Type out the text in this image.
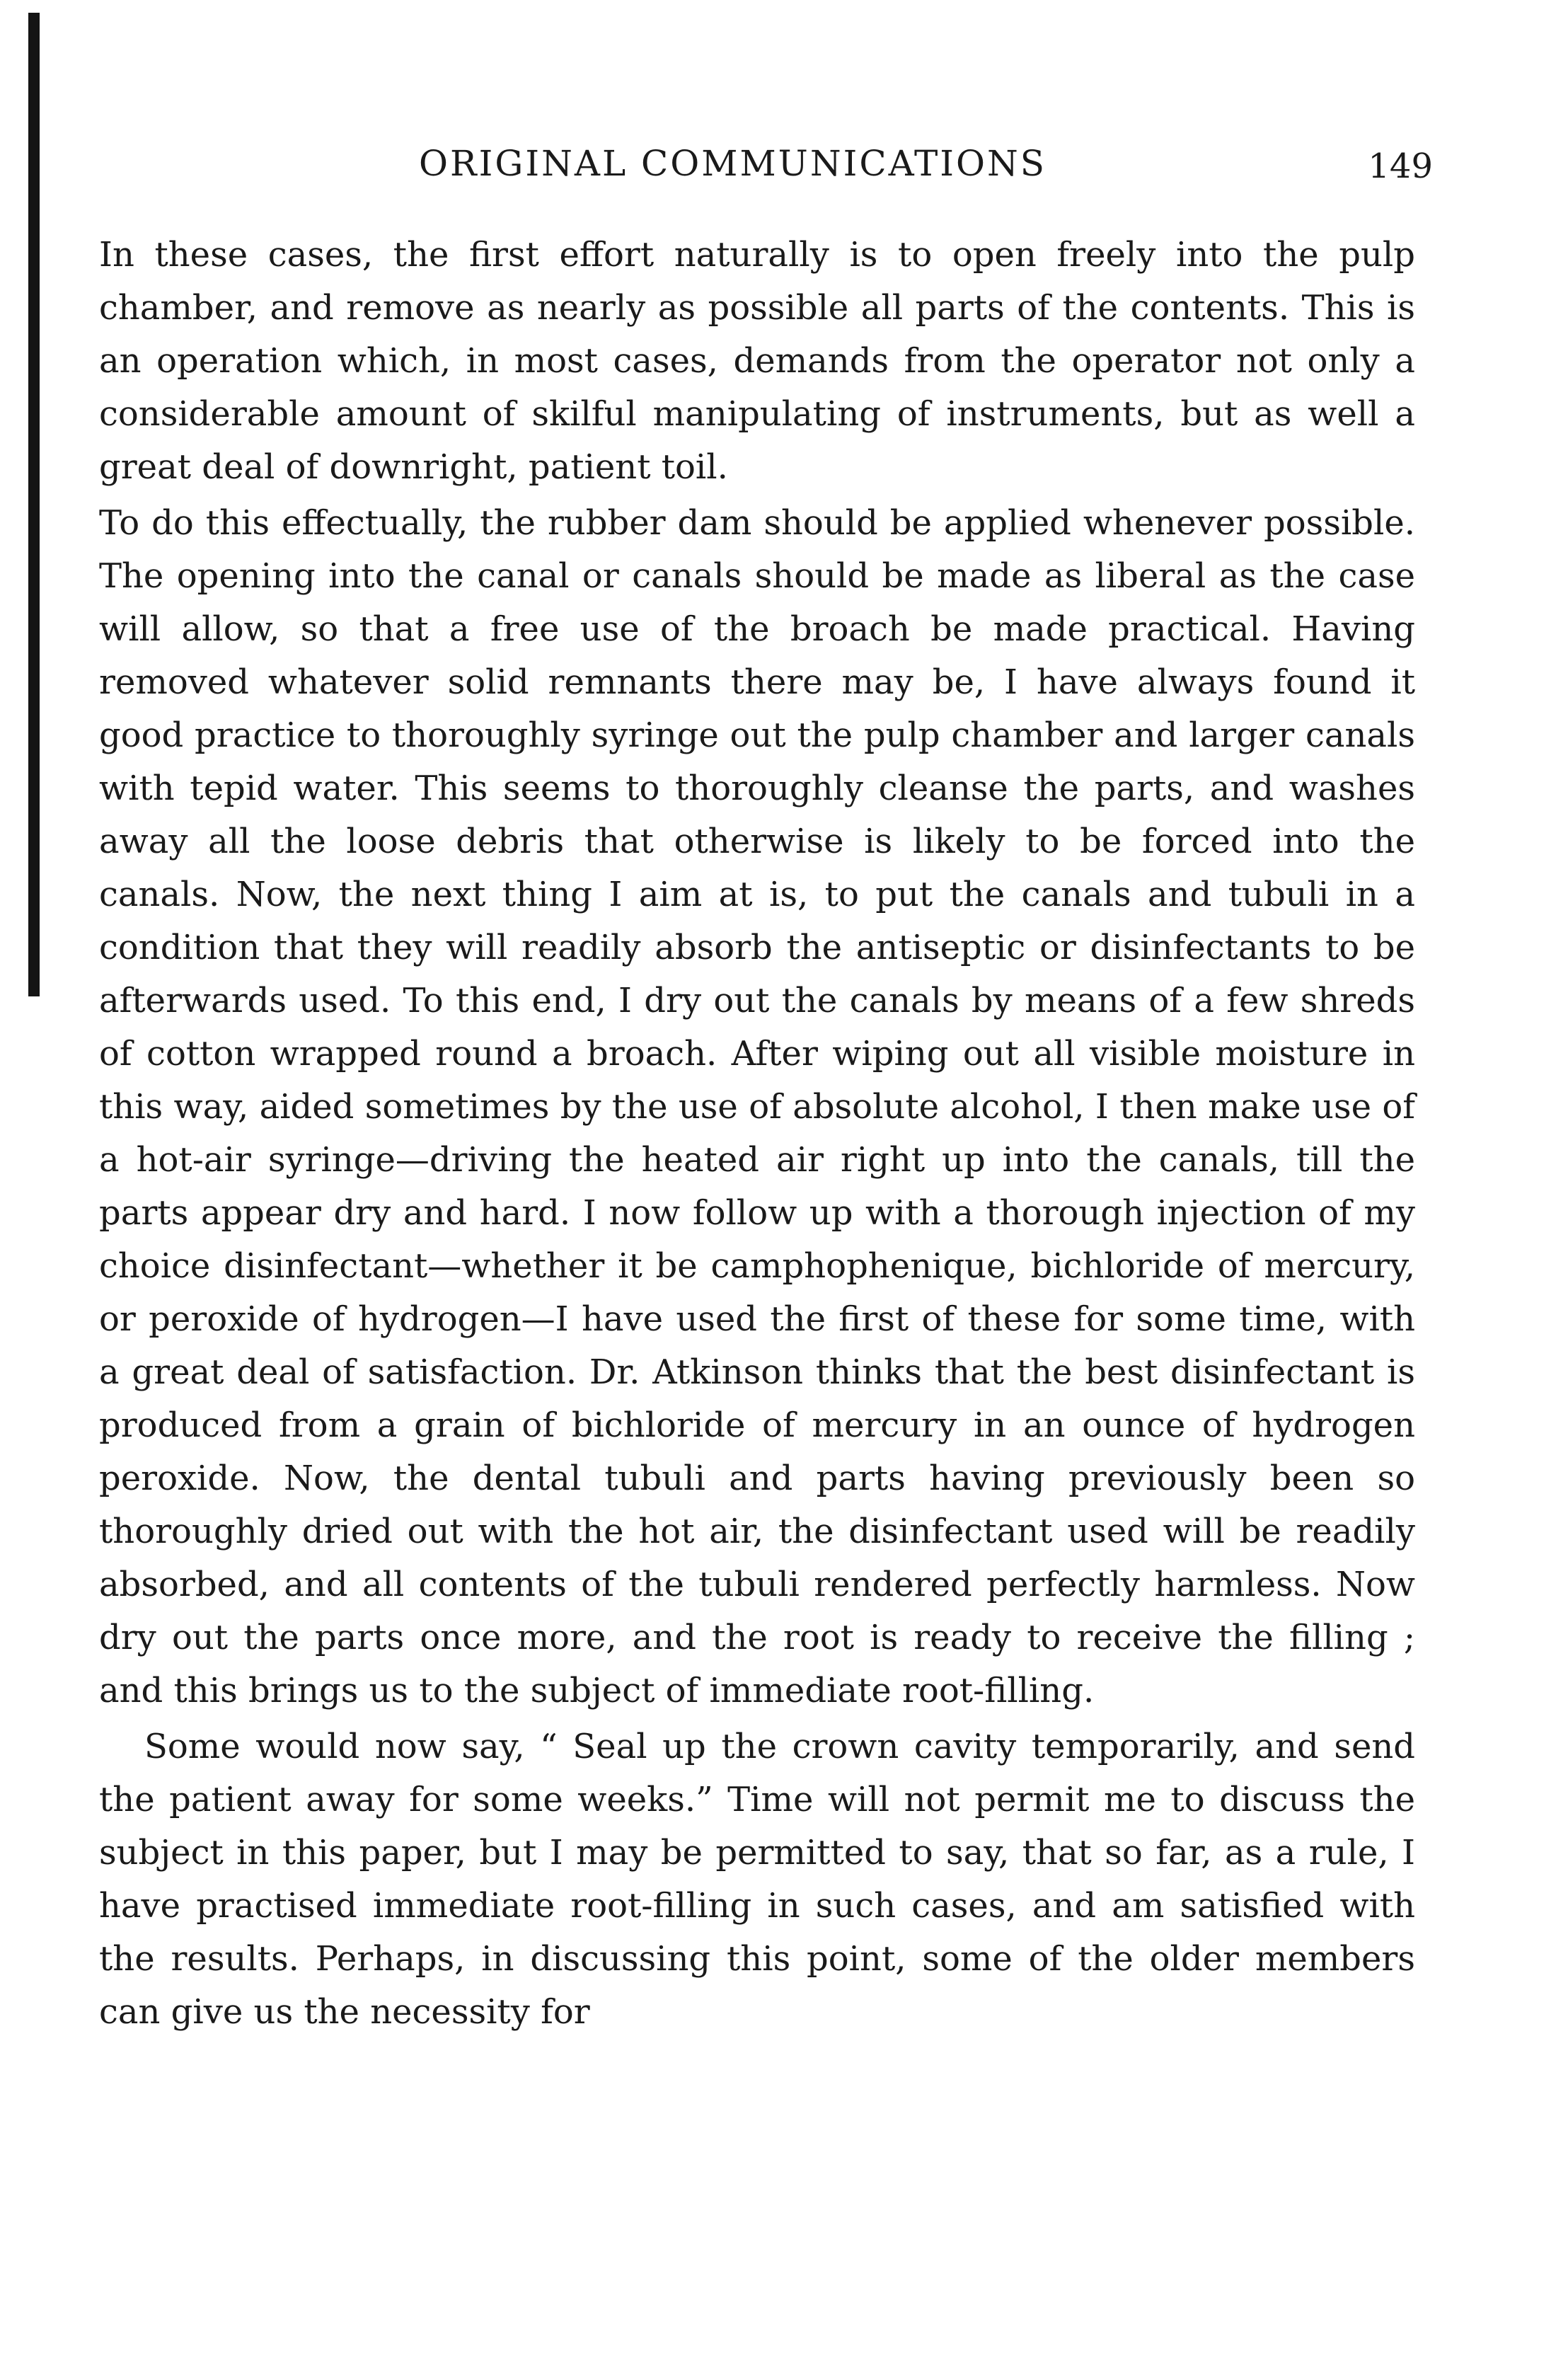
ORIGINAL COMMUNICATIONS	149

In these cases, the first effort naturally is to open freely into the pulp chamber, and remove as nearly as possible all parts of the contents. This is an operation which, in most cases, demands from the operator not only a considerable amount of skilful manipulating of instruments, but as well a great deal of downright, patient toil.

To do this effectually, the rubber dam should be applied whenever possible. The opening into the canal or canals should be made as liberal as the case will allow, so that a free use of the broach be made practical. Having removed whatever solid remnants there may be, I have always found it good practice to thoroughly syringe out the pulp chamber and larger canals with tepid water. This seems to thoroughly cleanse the parts, and washes away all the loose debris that otherwise is likely to be forced into the canals. Now, the next thing I aim at is, to put the canals and tubuli in a condition that they will readily absorb the antiseptic or disinfectants to be afterwards used. To this end, I dry out the canals by means of a few shreds of cotton wrapped round a broach. After wiping out all visible moisture in this way, aided sometimes by the use of absolute alcohol, I then make use of a hot-air syringe—driving the heated air right up into the canals, till the parts appear dry and hard. I now follow up with a thorough injection of my choice disinfectant—whether it be camphophenique, bichloride of mercury, or peroxide of hydrogen—I have used the first of these for some time, with a great deal of satisfaction. Dr. Atkinson thinks that the best disinfectant is produced from a grain of bichloride of mercury in an ounce of hydrogen peroxide. Now, the dental tubuli and parts having previously been so thoroughly dried out with the hot air, the disinfectant used will be readily absorbed, and all contents of the tubuli rendered perfectly harmless. Now dry out the parts once more, and the root is ready to receive the filling ; and this brings us to the subject of immediate root-filling.

Some would now say, “ Seal up the crown cavity temporarily, and send the patient away for some weeks.” Time will not permit me to discuss the subject in this paper, but I may be permitted to say, that so far, as a rule, I have practised immediate root-filling in such cases, and am satisfied with the results. Perhaps, in discussing this point, some of the older members can give us the necessity for
